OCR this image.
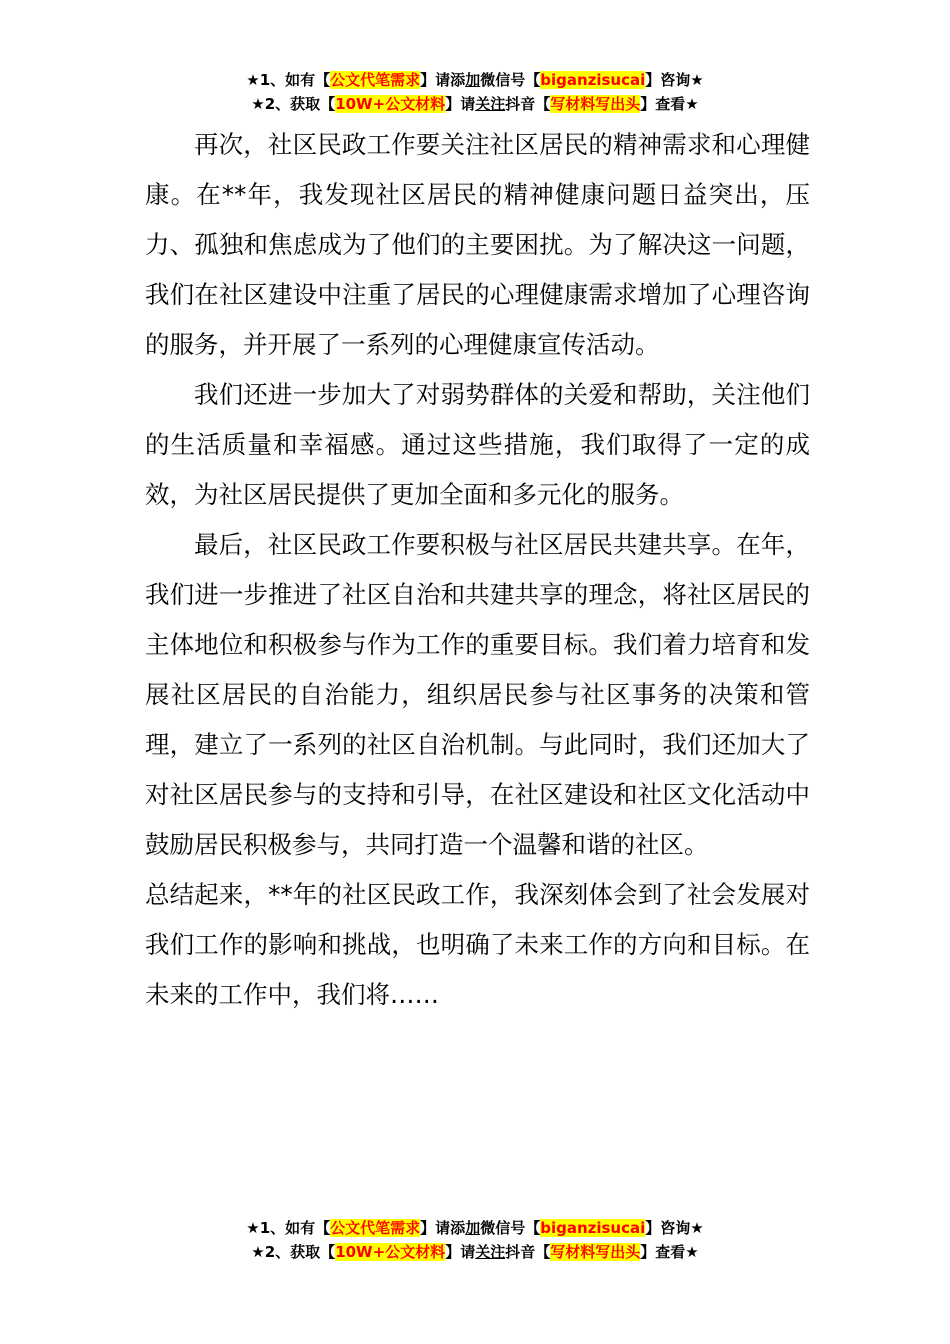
★1、如有【公文代笔需求】请添加微信号【biganzisucai】咨询★
★2、获取【10W+公文材料】请关注抖音【写材料写出头】查看★

再次，社区民政工作要关注社区居民的精神需求和心理健康。在**年，我发现社区居民的精神健康问题日益突出，压力、孤独和焦虑成为了他们的主要困扰。为了解决这一问题，我们在社区建设中注重了居民的心理健康需求增加了心理咨询的服务，并开展了一系列的心理健康宣传活动。

我们还进一步加大了对弱势群体的关爱和帮助，关注他们的生活质量和幸福感。通过这些措施，我们取得了一定的成效，为社区居民提供了更加全面和多元化的服务。

最后，社区民政工作要积极与社区居民共建共享。在年，我们进一步推进了社区自治和共建共享的理念，将社区居民的主体地位和积极参与作为工作的重要目标。我们着力培育和发展社区居民的自治能力，组织居民参与社区事务的决策和管理，建立了一系列的社区自治机制。与此同时，我们还加大了对社区居民参与的支持和引导，在社区建设和社区文化活动中鼓励居民积极参与，共同打造一个温馨和谐的社区。

总结起来，**年的社区民政工作，我深刻体会到了社会发展对我们工作的影响和挑战，也明确了未来工作的方向和目标。在未来的工作中，我们将……

★1、如有【公文代笔需求】请添加微信号【biganzisucai】咨询★
★2、获取【10W+公文材料】请关注抖音【写材料写出头】查看★
